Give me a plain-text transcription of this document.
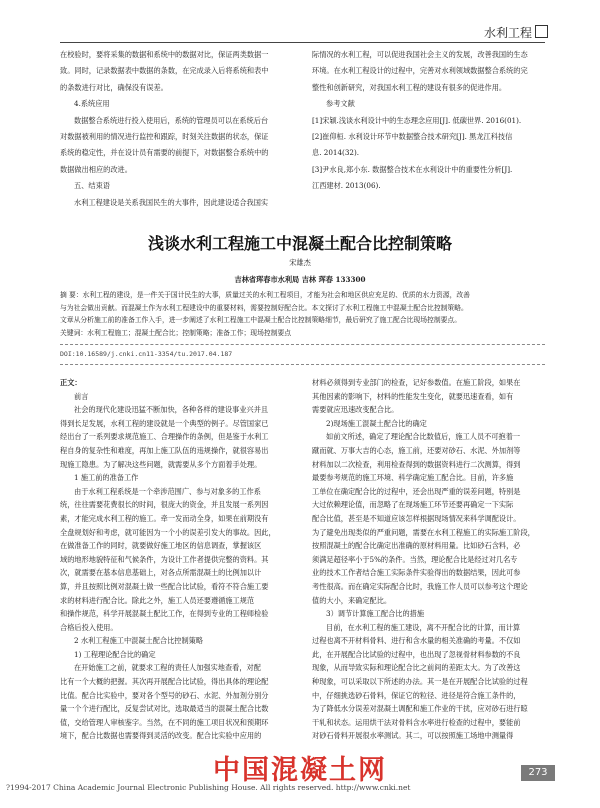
水利工程

在校验时，要将采集的数据和系统中的数据对比，保证两类数据一

致。同时，记录数据表中数据的条数，在完成录入后将系统和表中

的条数进行对比，确保没有误差。

4.系统应用

数据整合系统进行投入使用后，系统的管理员可以在系统后台

对数据被利用的情况进行监控和跟踪，时刻关注数据的状态，保证

系统的稳定性，并在设计员有需要的前提下，对数据整合系统中的

数据做出相应的改进。

五、结束语

水利工程建设是关系我国民生的大事件，因此建设适合我国实

际情况的水利工程，可以促进我国社会主义的发展，改善我国的生态

环境。在水利工程设计的过程中，完善对水利领域数据整合系统的完

整性和创新研究，对我国水利工程的建设有很多的促进作用。

参考文献

[1]宋颖.浅谈水利设计中的生态理念应用[J]. 低碳世界. 2016(01).

[2]崔仰桓. 水利设计环节中数据整合技术研究[J]. 黑龙江科技信

息. 2014(32).

[3]尹水良,郑小东. 数据整合技术在水利设计中的重要性分析[J].

江西建材. 2013(06).

浅谈水利工程施工中混凝土配合比控制策略
宋雄杰
吉林省珲春市水利局 吉林 珲春 133300

摘 要：水利工程的建设，是一件关于国计民生的大事，质量过关的水利工程项目，才能为社会和地区供应充足的、优质的水力资源，改善

与为社会做出贡献。而混凝土作为水利工程建设中的重要材料，需要控制好配合比。本文探讨了水利工程施工中混凝土配合比控制策略。

文章从分析施工前的准备工作入手，进一步阐述了水利工程施工中混凝土配合比控制策略细节，最后研究了施工配合比现场控制要点。

关键词：水利工程施工；混凝土配合比；控制策略；准备工作；现场控制要点
DOI:10.16589/j.cnki.cn11-3354/tu.2017.04.187

正文：

前言

社会的现代化建设迅猛不断加快，各种各样的建设事业兴并且

得到长足发展，水利工程的建设就是一个典型的例子。尽管国家已

经出台了一系列要求规范施工、合理操作的条例，但是鉴于水利工

程自身的复杂性和难度，再加上施工队伍的违规操作，就很容易出

现施工隐患。为了解决这些问题，就需要从多个方面着手处理。

1 施工前的准备工作

由于水利工程系统是一个牵涉范围广、参与对象多的工作系

统，往往需要花费很长的时间，很庞大的资金，并且发展一系列因

素，才能完成水利工程的施工。牵一发而动全身，如果在前期没有

全盘规划好和考虑，就可能因为一个小的误差引发大的事故。因此，

在做准备工作的同时，就要做好施工地区的信息调查，掌握该区

域的地形地貌特征和气候条件，为设计工作者提供完整的资料。其

次，就需要在基本信息基础上，对各点所需混凝土的比例加以计

算，并且按照比例对混凝土做一些配合比试验，看符不符合施工要

求的材料进行配合比。除此之外，施工人员还要遵循施工规范

和操作规范，科学开展混凝土配比工作，在得到专业的工程师检验

合格后投入使用。

2 水利工程施工中混凝土配合比控制策略

1) 工程理论配合比的确定

在开始施工之前，就要求工程的责任人加强实地查看，对配

比有一个大概的把握。其次再开展配合比试验，得出具体的理论配

比值。配合比实验中，要对各个型号的砂石、水泥、外加剂分别分

量一个个进行配比，反复尝试对比，选取最适当的混凝土配合比数

值，交给管理人审核鉴字。当然，在不同的施工项目状况和预期环

境下，配合比数据也需要得到灵活的改变。配合比实验中应用的

材料必须得到专业部门的检查，记好参数值。在施工阶段，如果在

其他因素的影响下，材料的性能发生变化，就要迅速查看，如有

需要就应迅速改变配合比。

2)现场施工混凝土配合比的确定

如前文所述，确定了理论配合比数值后，施工人员不可抱着一

蹴而就、万事大吉的心态，施工前，还要对砂石、水泥、外加剂等

材料加以二次检查，利用检查得到的数据资料进行二次测算，得到

最要参考规范的施工环境、科学确定施工配合比。目前，许多施

工单位在确定配合比的过程中，还会出现严重的误差问题，特别是

大过依赖理论值，而忽略了在现场施工环节还要再确定一下实际

配合比值，甚至是不知道应该怎样根据现场情况来科学调配设计。

为了避免出现类似的严重问题，需要在水利工程施工的实际施工阶段，

按照混凝土的配合比确定出准确的原材料用量。比如砂石含料，必

须满足超径率小于5%的条件。当然，理论配合比是经过对几名专

业的技术工作者结合施工实际条件实验得出的数据结果，因此可参

考性很高。而在确定实际配合比时，我施工作人员可以参考这个理论

值的大小，来确定配比。

3）调节计算施工配合比的措施

目前，在水利工程的施工建设，离不开配合比的计算，而计算

过程也离不开材料骨料、进行和含水量的相关准确的考量。不仅如

此，在开展配合比试验的过程中，也出现了忽视骨材料参数的不良

现象，从而导致实际和理论配合比之前间的差距太大。为了改善这

种现象，可以采取以下所述的办法。其一是在开展配合比试验的过程

中，仔细挑选砂石骨料，保证它的粒径、进径是符合施工条件的，

为了降低水分误差对混凝土调配和施工作业的干扰，应对砂石进行晾

干轧和状态。运用烘干法对骨料含水率进行检查的过程中，要能前

对砂石骨料开展很水率测试。其二，可以按照施工场地中测量得

中国混凝土网	273
?1994-2017 China Academic Journal Electronic Publishing House. All rights reserved. http://www.cnki.net
